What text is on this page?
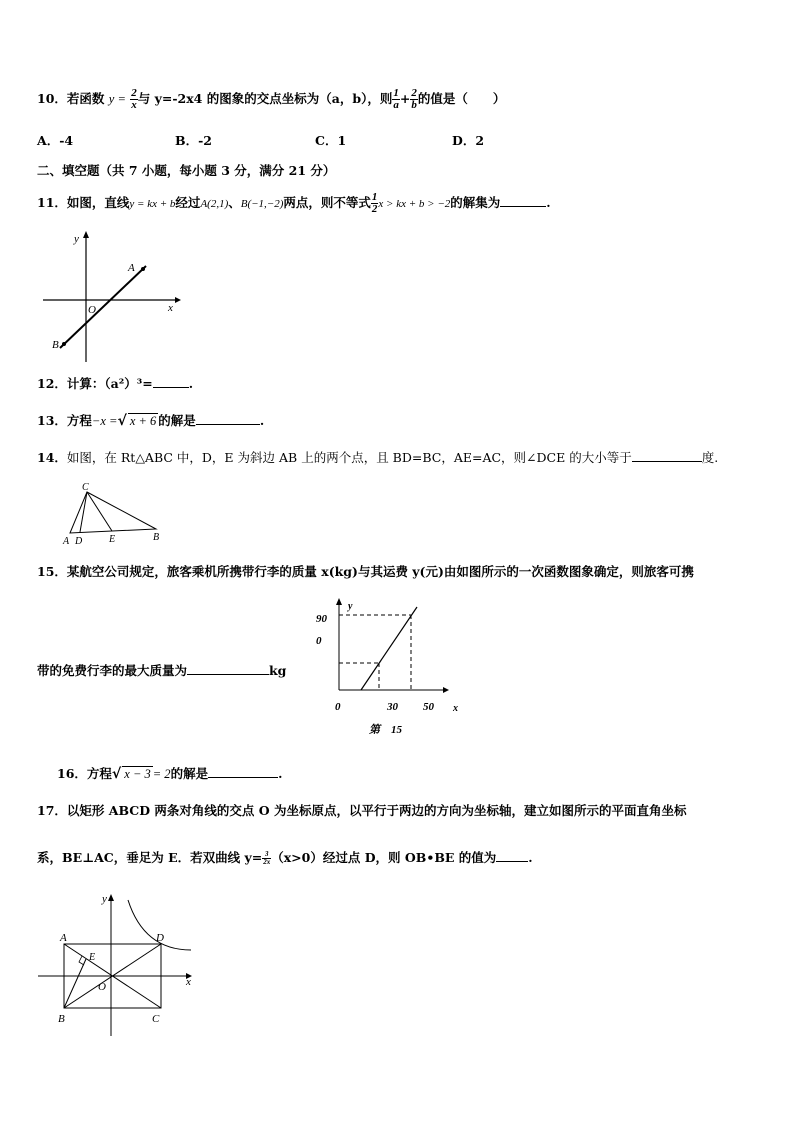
10．若函数 $y = \frac{2}{x}$ 与 y=-2x4 的图象的交点坐标为（a，b），则 $\frac{1}{a} + \frac{2}{b}$ 的值是（　　）
A．-4	B．-2	C．1	D．2
二、填空题（共 7 小题，每小题 3 分，满分 21 分）
11．如图，直线y = kx + b经过A(2,1)、B(−1,−2)两点，则不等式 $\frac{1}{2}$ x > kx + b > −2的解集为	.
y
A
O	x
B
12．计算：（a²）³=	.
13．方程−x =√ x + 6 的解是	.
14．如图，在 Rt△ABC 中，D，E 为斜边 AB 上的两个点，且 BD=BC，AE=AC，则∠DCE 的大小等于	度.
C
A D	E	B
15．某航空公司规定，旅客乘机所携带行李的质量 x(kg)与其运费 y(元)由如图所示的一次函数图象确定，则旅客可携
带的免费行李的最大质量为	kg
y
90
0
0	30 50 x
第　15
16．方程√ x − 3 = 2的解是	.
17．以矩形 ABCD 两条对角线的交点 O 为坐标原点，以平行于两边的方向为坐标轴，建立如图所示的平面直角坐标
系，BE⊥AC，垂足为 E．若双曲线 $y= \frac{3}{2x} (x>0)$经过点 D，则 OB•BE 的值为	.
y
A	D
E
x
O
B	C
